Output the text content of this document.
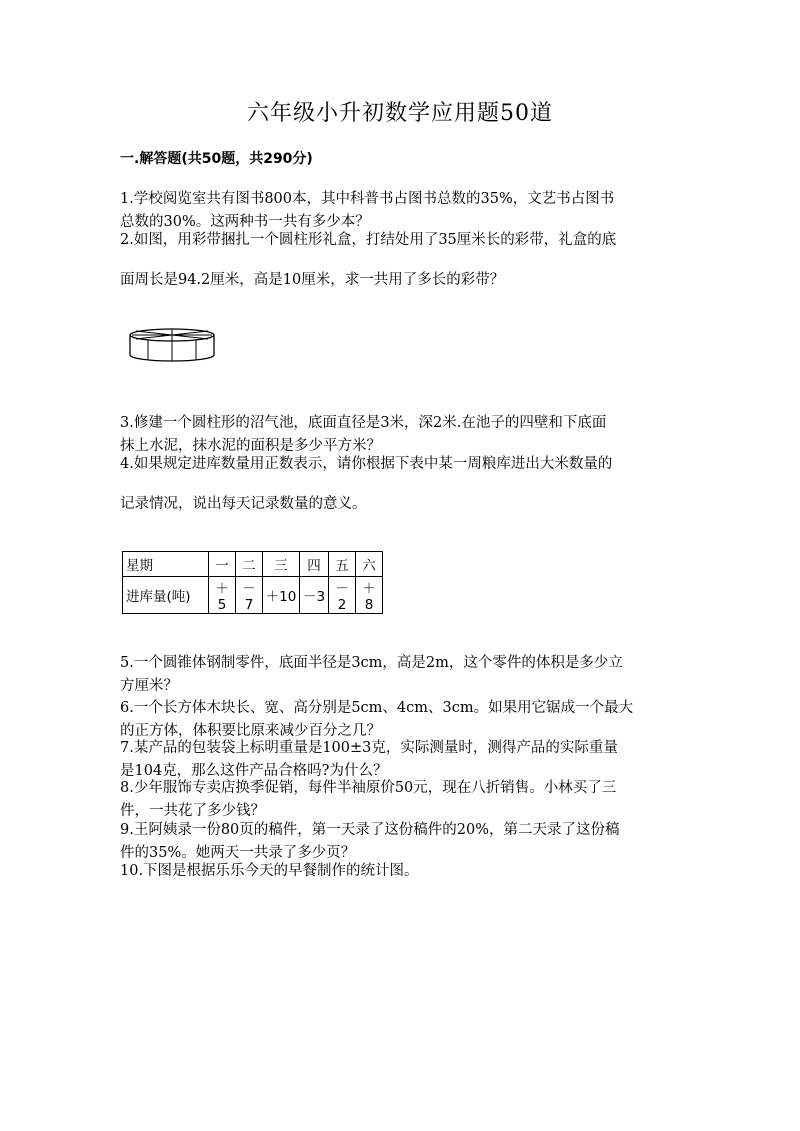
六年级小升初数学应用题50道
一.解答题(共50题，共290分)
1.学校阅览室共有图书800本，其中科普书占图书总数的35%，文艺书占图书
总数的30%。这两种书一共有多少本？
2.如图，用彩带捆扎一个圆柱形礼盒，打结处用了35厘米长的彩带，礼盒的底
面周长是94.2厘米，高是10厘米，求一共用了多长的彩带？
3.修建一个圆柱形的沼气池，底面直径是3米，深2米.在池子的四壁和下底面
抹上水泥，抹水泥的面积是多少平方米？
4.如果规定进库数量用正数表示，请你根据下表中某一周粮库进出大米数量的
记录情况，说出每天记录数量的意义。
星期	一	二	三	四	五	六
进库量(吨)	＋5	－7	＋10	－3	－2	＋8
5.一个圆锥体钢制零件，底面半径是3cm，高是2m，这个零件的体积是多少立
方厘米？
6.一个长方体木块长、宽、高分别是5cm、4cm、3cm。如果用它锯成一个最大
的正方体，体积要比原来减少百分之几？
7.某产品的包装袋上标明重量是100±3克，实际测量时，测得产品的实际重量
是104克，那么这件产品合格吗?为什么？
8.少年服饰专卖店换季促销，每件半袖原价50元，现在八折销售。小林买了三
件，一共花了多少钱？
9.王阿姨录一份80页的稿件，第一天录了这份稿件的20%，第二天录了这份稿
件的35%。她两天一共录了多少页？
10.下图是根据乐乐今天的早餐制作的统计图。
